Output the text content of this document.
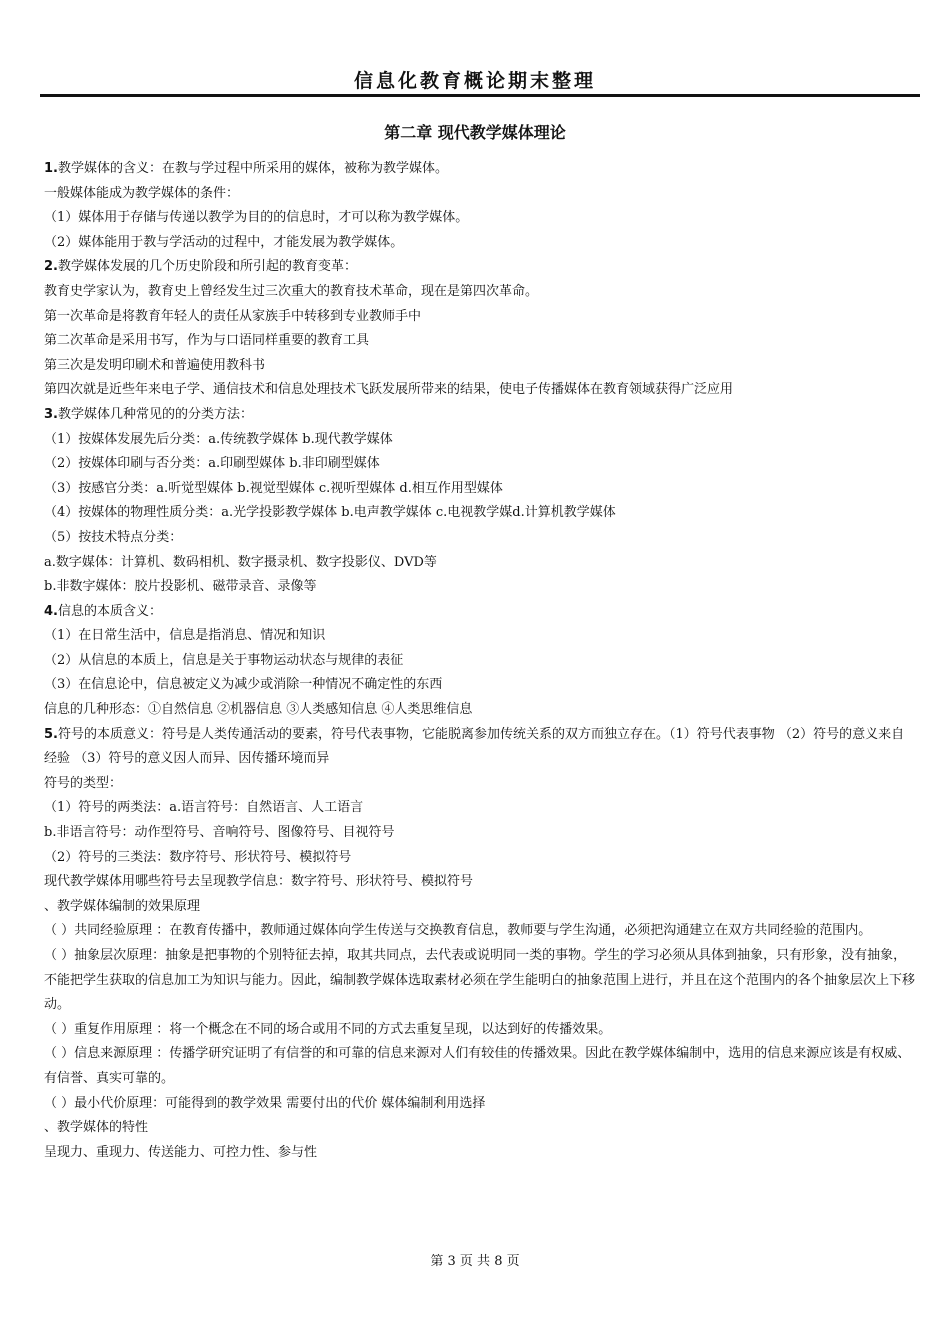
信息化教育概论期末整理
第二章 现代教学媒体理论

1.教学媒体的含义：在教与学过程中所采用的媒体，被称为教学媒体。

一般媒体能成为教学媒体的条件：

（1）媒体用于存储与传递以教学为目的的信息时，才可以称为教学媒体。

（2）媒体能用于教与学活动的过程中，才能发展为教学媒体。

2.教学媒体发展的几个历史阶段和所引起的教育变革：

教育史学家认为，教育史上曾经发生过三次重大的教育技术革命，现在是第四次革命。

第一次革命是将教育年轻人的责任从家族手中转移到专业教师手中

第二次革命是采用书写，作为与口语同样重要的教育工具

第三次是发明印刷术和普遍使用教科书

第四次就是近些年来电子学、通信技术和信息处理技术飞跃发展所带来的结果，使电子传播媒体在教育领域获得广泛应用

3.教学媒体几种常见的的分类方法：

（1）按媒体发展先后分类：a.传统教学媒体 b.现代教学媒体

（2）按媒体印刷与否分类：a.印刷型媒体 b.非印刷型媒体

（3）按感官分类：a.听觉型媒体 b.视觉型媒体 c.视听型媒体 d.相互作用型媒体

（4）按媒体的物理性质分类：a.光学投影教学媒体 b.电声教学媒体 c.电视教学媒d.计算机教学媒体

（5）按技术特点分类：

a.数字媒体：计算机、数码相机、数字摄录机、数字投影仪、DVD等

b.非数字媒体：胶片投影机、磁带录音、录像等

4.信息的本质含义：

（1）在日常生活中，信息是指消息、情况和知识

（2）从信息的本质上，信息是关于事物运动状态与规律的表征

（3）在信息论中，信息被定义为减少或消除一种情况不确定性的东西

信息的几种形态：①自然信息 ②机器信息 ③人类感知信息 ④人类思维信息

5.符号的本质意义：符号是人类传通活动的要素，符号代表事物，它能脱离参加传统关系的双方而独立存在。（1）符号代表事物 （2）符号的意义来自经验 （3）符号的意义因人而异、因传播环境而异

符号的类型：

（1）符号的两类法：a.语言符号：自然语言、人工语言

b.非语言符号：动作型符号、音响符号、图像符号、目视符号

（2）符号的三类法：数序符号、形状符号、模拟符号

现代教学媒体用哪些符号去呈现教学信息：数字符号、形状符号、模拟符号

、教学媒体编制的效果原理

（ ）共同经验原理 ：在教育传播中，教师通过媒体向学生传送与交换教育信息，教师要与学生沟通，必须把沟通建立在双方共同经验的范围内。

（ ）抽象层次原理：抽象是把事物的个别特征去掉，取其共同点，去代表或说明同一类的事物。学生的学习必须从具体到抽象，只有形象，没有抽象，不能把学生获取的信息加工为知识与能力。因此，编制教学媒体选取素材必须在学生能明白的抽象范围上进行，并且在这个范围内的各个抽象层次上下移动。

（ ）重复作用原理 ：将一个概念在不同的场合或用不同的方式去重复呈现，以达到好的传播效果。

（ ）信息来源原理 ：传播学研究证明了有信誉的和可靠的信息来源对人们有较佳的传播效果。因此在教学媒体编制中，选用的信息来源应该是有权威、有信誉、真实可靠的。

（ ）最小代价原理：可能得到的教学效果 需要付出的代价 媒体编制利用选择

、教学媒体的特性

呈现力、重现力、传送能力、可控力性、参与性

第 3 页 共 8 页
